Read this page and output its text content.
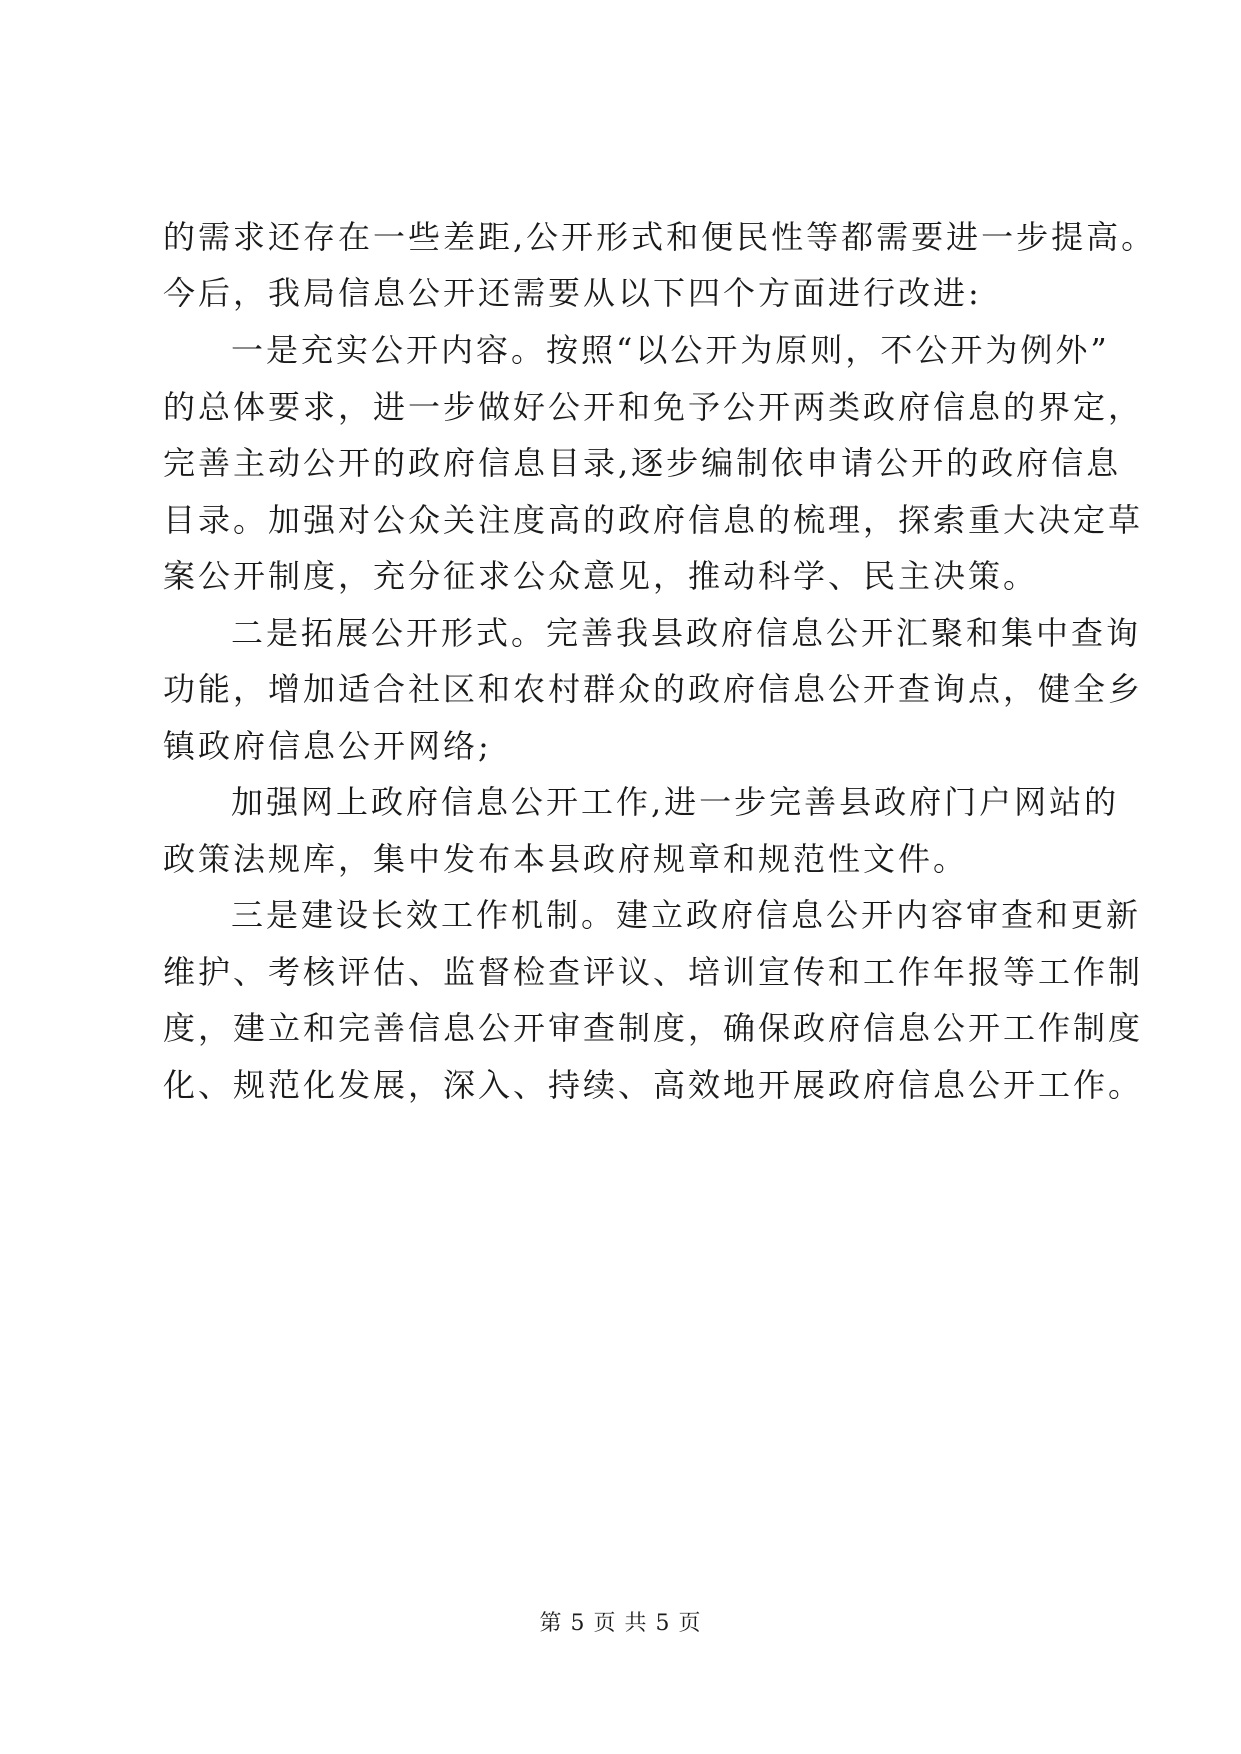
的需求还存在一些差距,公开形式和便民性等都需要进一步提高。
今后，我局信息公开还需要从以下四个方面进行改进:
一是充实公开内容。按照“以公开为原则，不公开为例外”
的总体要求，进一步做好公开和免予公开两类政府信息的界定，
完善主动公开的政府信息目录,逐步编制依申请公开的政府信息
目录。加强对公众关注度高的政府信息的梳理，探索重大决定草
案公开制度，充分征求公众意见，推动科学、民主决策。
二是拓展公开形式。完善我县政府信息公开汇聚和集中查询
功能，增加适合社区和农村群众的政府信息公开查询点，健全乡
镇政府信息公开网络;
加强网上政府信息公开工作,进一步完善县政府门户网站的
政策法规库，集中发布本县政府规章和规范性文件。
三是建设长效工作机制。建立政府信息公开内容审查和更新
维护、考核评估、监督检查评议、培训宣传和工作年报等工作制
度，建立和完善信息公开审查制度，确保政府信息公开工作制度
化、规范化发展，深入、持续、高效地开展政府信息公开工作。
第 5 页 共 5 页
